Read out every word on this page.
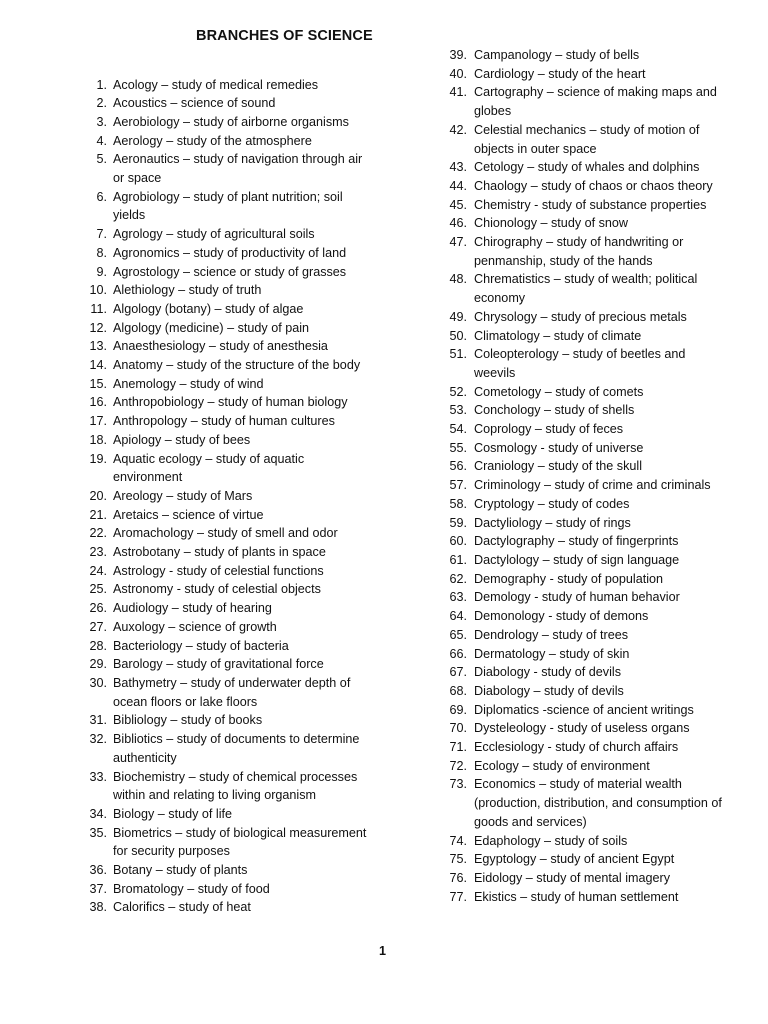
BRANCHES OF SCIENCE
1. Acology – study of medical remedies
2. Acoustics – science of sound
3. Aerobiology – study of airborne organisms
4. Aerology – study of the atmosphere
5. Aeronautics – study of navigation through air or space
6. Agrobiology – study of plant nutrition; soil yields
7. Agrology – study of agricultural soils
8. Agronomics – study of productivity of land
9. Agrostology – science or study of grasses
10. Alethiology – study of truth
11. Algology (botany) – study of algae
12. Algology (medicine) – study of pain
13. Anaesthesiology – study of anesthesia
14. Anatomy – study of the structure of the body
15. Anemology – study of wind
16. Anthropobiology – study of human biology
17. Anthropology – study of human cultures
18. Apiology – study of bees
19. Aquatic ecology – study of aquatic environment
20. Areology – study of Mars
21. Aretaics – science of virtue
22. Aromachology – study of smell and odor
23. Astrobotany – study of plants in space
24. Astrology - study of celestial functions
25. Astronomy - study of celestial objects
26. Audiology – study of hearing
27. Auxology – science of growth
28. Bacteriology – study of bacteria
29. Barology – study of gravitational force
30. Bathymetry – study of underwater depth of ocean floors or lake floors
31. Bibliology – study of books
32. Bibliotics – study of documents to determine authenticity
33. Biochemistry – study of chemical processes within and relating to living organism
34. Biology – study of life
35. Biometrics – study of biological measurement for security purposes
36. Botany – study of plants
37. Bromatology – study of food
38. Calorifics – study of heat
39. Campanology – study of bells
40. Cardiology – study of the heart
41. Cartography – science of making maps and globes
42. Celestial mechanics – study of motion of objects in outer space
43. Cetology – study of whales and dolphins
44. Chaology – study of chaos or chaos theory
45. Chemistry - study of substance properties
46. Chionology – study of snow
47. Chirography – study of handwriting or penmanship, study of the hands
48. Chrematistics – study of wealth; political economy
49. Chrysology – study of precious metals
50. Climatology – study of climate
51. Coleopterology – study of beetles and weevils
52. Cometology – study of comets
53. Conchology – study of shells
54. Coprology – study of feces
55. Cosmology - study of universe
56. Craniology – study of the skull
57. Criminology – study of crime and criminals
58. Cryptology – study of codes
59. Dactyliology – study of rings
60. Dactylography – study of fingerprints
61. Dactylology – study of sign language
62. Demography - study of population
63. Demology - study of human behavior
64. Demonology - study of demons
65. Dendrology – study of trees
66. Dermatology – study of skin
67. Diabology - study of devils
68. Diabology – study of devils
69. Diplomatics -science of ancient writings
70. Dysteleology - study of useless organs
71. Ecclesiology - study of church affairs
72. Ecology – study of environment
73. Economics – study of material wealth (production, distribution, and consumption of goods and services)
74. Edaphology – study of soils
75. Egyptology – study of ancient Egypt
76. Eidology – study of mental imagery
77. Ekistics – study of human settlement
1
